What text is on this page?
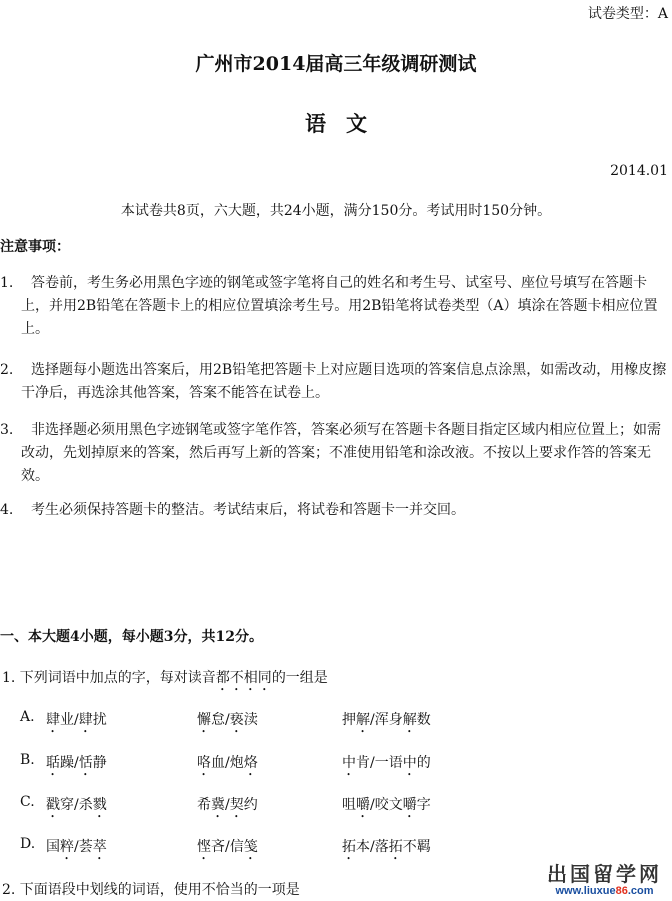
试卷类型：A
广州市2014届高三年级调研测试
语文
2014.01
本试卷共8页，六大题，共24小题，满分150分。考试用时150分钟。
注意事项：
1.	答卷前，考生务必用黑色字迹的钢笔或签字笔将自己的姓名和考生号、试室号、座位号填写在答题卡上，并用2B铅笔在答题卡上的相应位置填涂考生号。用2B铅笔将试卷类型（A）填涂在答题卡相应位置上。
2.	选择题每小题选出答案后，用2B铅笔把答题卡上对应题目选项的答案信息点涂黑，如需改动，用橡皮擦干净后，再选涂其他答案，答案不能答在试卷上。
3.	非选择题必须用黑色字迹钢笔或签字笔作答，答案必须写在答题卡各题目指定区域内相应位置上；如需改动，先划掉原来的答案，然后再写上新的答案；不准使用铅笔和涂改液。不按以上要求作答的答案无效。
4.	考生必须保持答题卡的整洁。考试结束后，将试卷和答题卡一并交回。
一、本大题4小题，每小题3分，共12分。
1. 下列词语中加点的字，每对读音都不相同的一组是
A. 肆业/肆扰	懈怠/亵渎	押解/浑身解数
B. 聒躁/恬静	咯血/炮烙	中肯/一语中的
C. 戳穿/杀戮	希冀/契约	咀嚼/咬文嚼字
D. 国粹/荟萃	悭吝/信笺	拓本/落拓不羁
2. 下面语段中划线的词语，使用不恰当的一项是
出国留学网
www.liuxue86.com
